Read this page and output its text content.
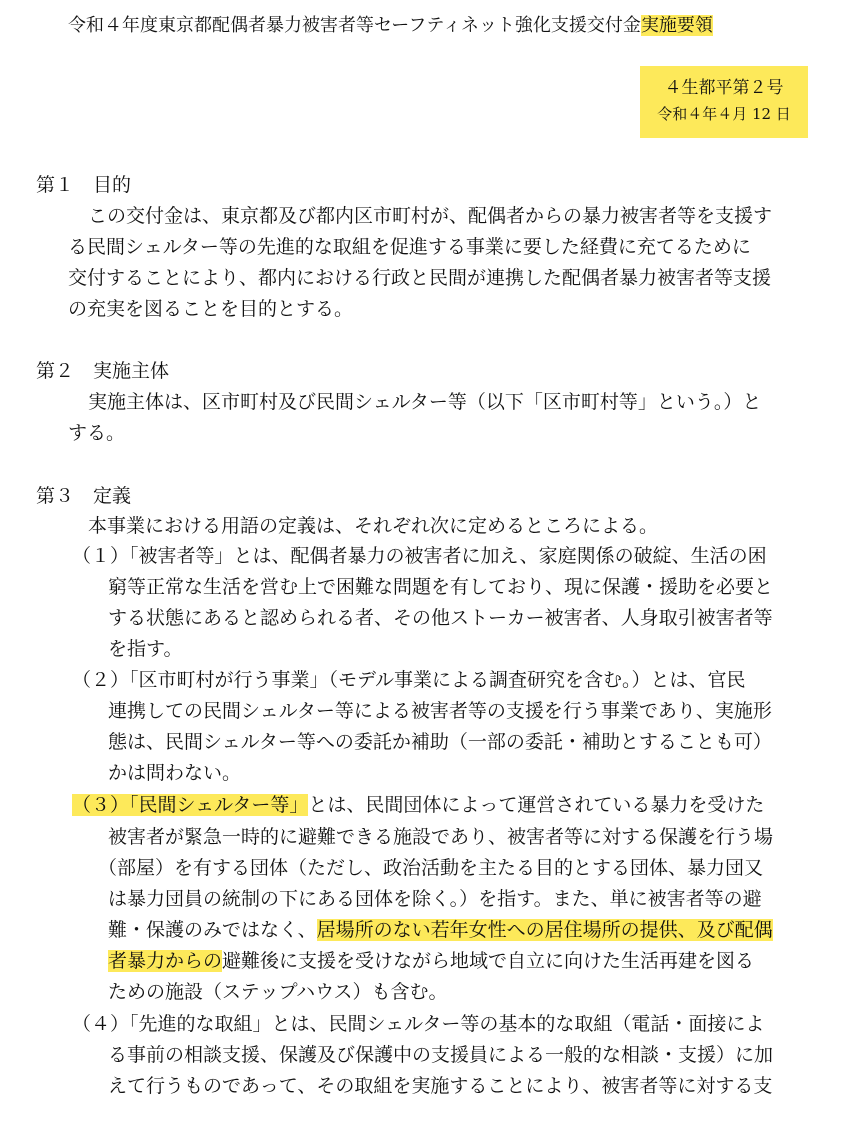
令和４年度東京都配偶者暴力被害者等セーフティネット強化支援交付金実施要領
４生都平第２号
令和４年４月 12 日
第１　目的
この交付金は、東京都及び都内区市町村が、配偶者からの暴力被害者等を支援す
る民間シェルター等の先進的な取組を促進する事業に要した経費に充てるために
交付することにより、都内における行政と民間が連携した配偶者暴力被害者等支援
の充実を図ることを目的とする。
第２　実施主体
実施主体は、区市町村及び民間シェルター等（以下「区市町村等」という。）と
する。
第３　定義
本事業における用語の定義は、それぞれ次に定めるところによる。
（１）「被害者等」とは、配偶者暴力の被害者に加え、家庭関係の破綻、生活の困
窮等正常な生活を営む上で困難な問題を有しており、現に保護・援助を必要と
する状態にあると認められる者、その他ストーカー被害者、人身取引被害者等
を指す。
（２）「区市町村が行う事業」（モデル事業による調査研究を含む。）とは、官民
連携しての民間シェルター等による被害者等の支援を行う事業であり、実施形
態は、民間シェルター等への委託か補助（一部の委託・補助とすることも可）
かは問わない。
（３）「民間シェルター等」とは、民間団体によって運営されている暴力を受けた
被害者が緊急一時的に避難できる施設であり、被害者等に対する保護を行う場
（部屋）を有する団体（ただし、政治活動を主たる目的とする団体、暴力団又
は暴力団員の統制の下にある団体を除く。）を指す。また、単に被害者等の避
難・保護のみではなく、居場所のない若年女性への居住場所の提供、及び配偶
者暴力からの避難後に支援を受けながら地域で自立に向けた生活再建を図る
ための施設（ステップハウス）も含む。
（４）「先進的な取組」とは、民間シェルター等の基本的な取組（電話・面接によ
る事前の相談支援、保護及び保護中の支援員による一般的な相談・支援）に加
えて行うものであって、その取組を実施することにより、被害者等に対する支
